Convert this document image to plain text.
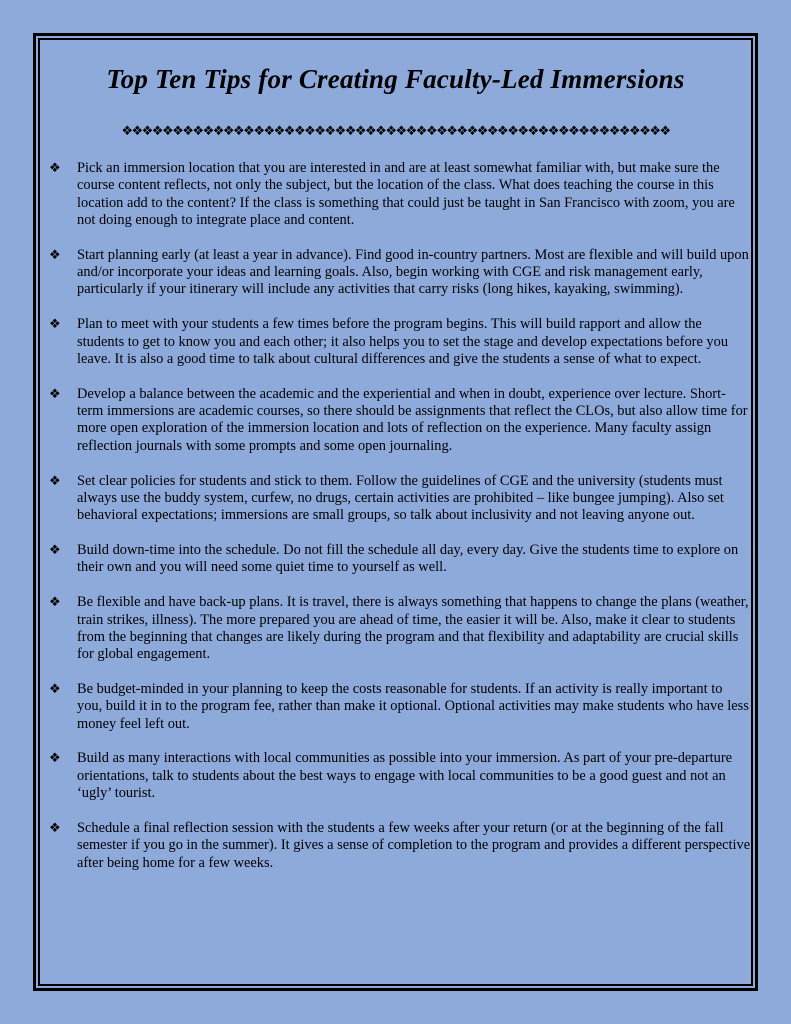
Top Ten Tips for Creating Faculty-Led Immersions
❖❖❖❖❖❖❖❖❖❖❖❖❖❖❖❖❖❖❖❖❖❖❖❖❖❖❖❖❖❖❖❖❖❖❖❖❖❖❖❖❖❖❖❖❖❖❖❖❖❖❖❖❖❖
❖ Pick an immersion location that you are interested in and are at least somewhat familiar with, but make sure the course content reflects, not only the subject, but the location of the class. What does teaching the course in this location add to the content? If the class is something that could just be taught in San Francisco with zoom, you are not doing enough to integrate place and content.
❖ Start planning early (at least a year in advance). Find good in-country partners. Most are flexible and will build upon and/or incorporate your ideas and learning goals. Also, begin working with CGE and risk management early, particularly if your itinerary will include any activities that carry risks (long hikes, kayaking, swimming).
❖ Plan to meet with your students a few times before the program begins. This will build rapport and allow the students to get to know you and each other; it also helps you to set the stage and develop expectations before you leave. It is also a good time to talk about cultural differences and give the students a sense of what to expect.
❖ Develop a balance between the academic and the experiential and when in doubt, experience over lecture. Short-term immersions are academic courses, so there should be assignments that reflect the CLOs, but also allow time for more open exploration of the immersion location and lots of reflection on the experience. Many faculty assign reflection journals with some prompts and some open journaling.
❖ Set clear policies for students and stick to them. Follow the guidelines of CGE and the university (students must always use the buddy system, curfew, no drugs, certain activities are prohibited – like bungee jumping). Also set behavioral expectations; immersions are small groups, so talk about inclusivity and not leaving anyone out.
❖ Build down-time into the schedule. Do not fill the schedule all day, every day. Give the students time to explore on their own and you will need some quiet time to yourself as well.
❖ Be flexible and have back-up plans. It is travel, there is always something that happens to change the plans (weather, train strikes, illness). The more prepared you are ahead of time, the easier it will be. Also, make it clear to students from the beginning that changes are likely during the program and that flexibility and adaptability are crucial skills for global engagement.
❖ Be budget-minded in your planning to keep the costs reasonable for students. If an activity is really important to you, build it in to the program fee, rather than make it optional. Optional activities may make students who have less money feel left out.
❖ Build as many interactions with local communities as possible into your immersion. As part of your pre-departure orientations, talk to students about the best ways to engage with local communities to be a good guest and not an ‘ugly’ tourist.
❖ Schedule a final reflection session with the students a few weeks after your return (or at the beginning of the fall semester if you go in the summer). It gives a sense of completion to the program and provides a different perspective after being home for a few weeks.
